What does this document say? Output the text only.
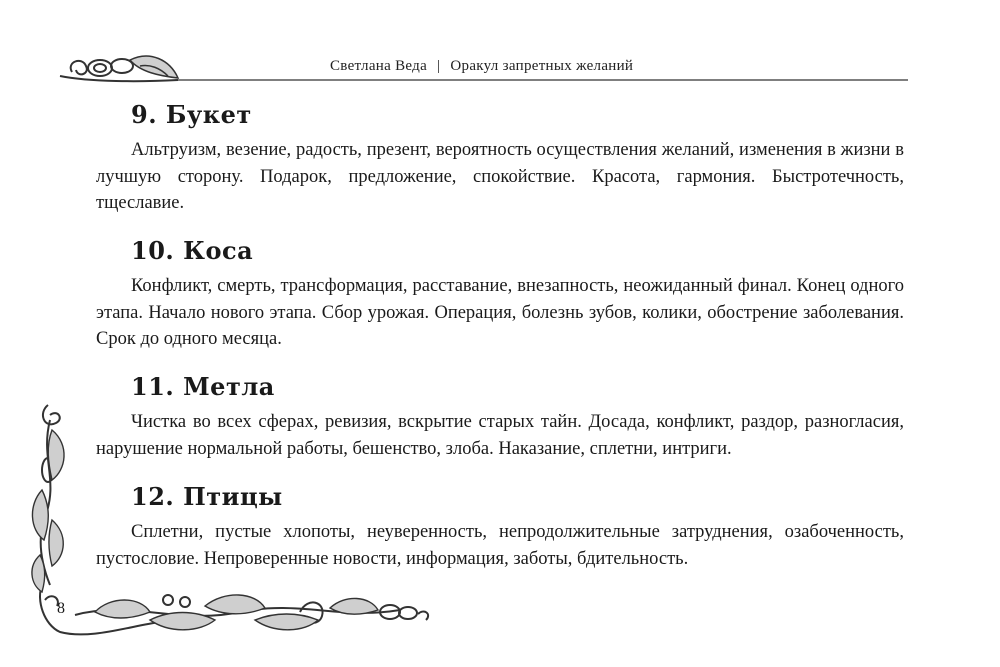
Светлана Веда | Оракул запретных желаний
9. Букет

Альтруизм, везение, радость, презент, вероятность осуществления желаний, изменения в жизни в лучшую сторону. Подарок, предложение, спокойствие. Красота, гармония. Быстротечность, тщеславие.

10. Коса

Конфликт, смерть, трансформация, расставание, внезапность, неожиданный финал. Конец одного этапа. Начало нового этапа. Сбор урожая. Операция, болезнь зубов, колики, обострение заболевания. Срок до одного месяца.

11. Метла

Чистка во всех сферах, ревизия, вскрытие старых тайн. Досада, конфликт, раздор, разногласия, нарушение нормальной работы, бешенство, злоба. Наказание, сплетни, интриги.

12. Птицы

Сплетни, пустые хлопоты, неуверенность, непродолжительные затруднения, озабоченность, пустословие. Непроверенные новости, информация, заботы, бдительность.

8
